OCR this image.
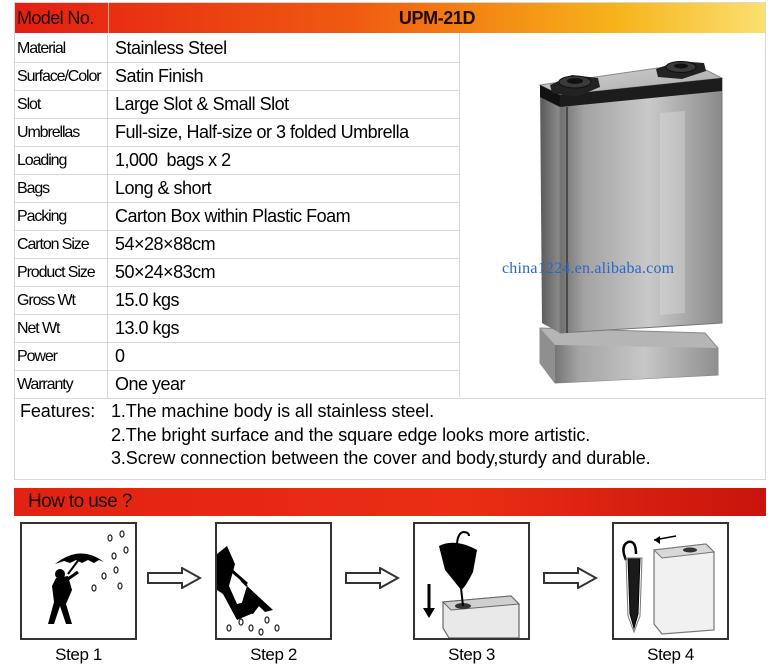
Model No.	UPM-21D
Material	Stainless Steel
Surface/Color Satin Finish
Slot	Large Slot & Small Slot
Umbrellas	Full-size, Half-size or 3 folded Umbrella
Loading	1,000  bags x 2
Bags	Long & short
Packing	Carton Box within Plastic Foam
Carton Size	54×28×88cm
Product Size	50×24×83cm
Gross Wt	15.0 kgs
Net Wt	13.0 kgs
Power	0
Warranty	One year
china1224.en.alibaba.com
Features: 1.The machine body is all stainless steel.
2.The bright surface and the square edge looks more artistic.
3.Screw connection between the cover and body,sturdy and durable.
How to use ?
Step 1	Step 2	Step 3	Step 4
